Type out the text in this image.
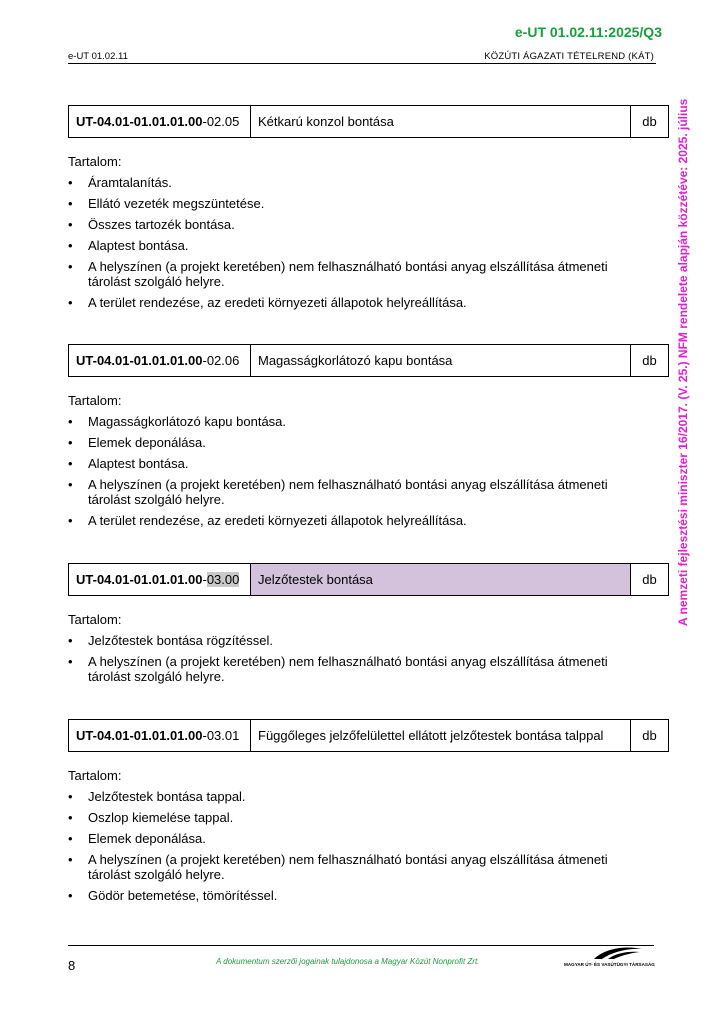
e-UT 01.02.11:2025/Q3
e-UT 01.02.11	KÖZÚTI ÁGAZATI TÉTELREND (KÁT)
A nemzeti fejlesztési miniszter 16/2017. (V. 25.) NFM rendelete alapján közzétéve: 2025. július
UT-04.01-01.01.01.00 -02.05	Kétkarú konzol bontása	db
Tartalom:
• Áramtalanítás.
• Ellátó vezeték megszüntetése.
• Összes tartozék bontása.
• Alaptest bontása.
• A helyszínen (a projekt keretében) nem felhasználható bontási anyag elszállítása átmeneti tárolást szolgáló helyre.
• A terület rendezése, az eredeti környezeti állapotok helyreállítása.
UT-04.01-01.01.01.00 -02.06	Magasságkorlátozó kapu bontása	db
Tartalom:
• Magasságkorlátozó kapu bontása.
• Elemek deponálása.
• Alaptest bontása.
• A helyszínen (a projekt keretében) nem felhasználható bontási anyag elszállítása átmeneti tárolást szolgáló helyre.
• A terület rendezése, az eredeti környezeti állapotok helyreállítása.
UT-04.01-01.01.01.00 - 03.00	Jelzőtestek bontása	db
Tartalom:
• Jelzőtestek bontása rögzítéssel.
• A helyszínen (a projekt keretében) nem felhasználható bontási anyag elszállítása átmeneti tárolást szolgáló helyre.
UT-04.01-01.01.01.00 -03.01	Függőleges jelzőfelülettel ellátott jelzőtestek bontása talppal	db
Tartalom:
• Jelzőtestek bontása tappal.
• Oszlop kiemelése tappal.
• Elemek deponálása.
• A helyszínen (a projekt keretében) nem felhasználható bontási anyag elszállítása átmeneti tárolást szolgáló helyre.
• Gödör betemetése, tömörítéssel.
8	A dokumentum szerzői jogainak tulajdonosa a Magyar Közút Nonprofit Zrt.	MAGYAR ÚT- ÉS VASÚTÜGYI TÁRSASÁG
